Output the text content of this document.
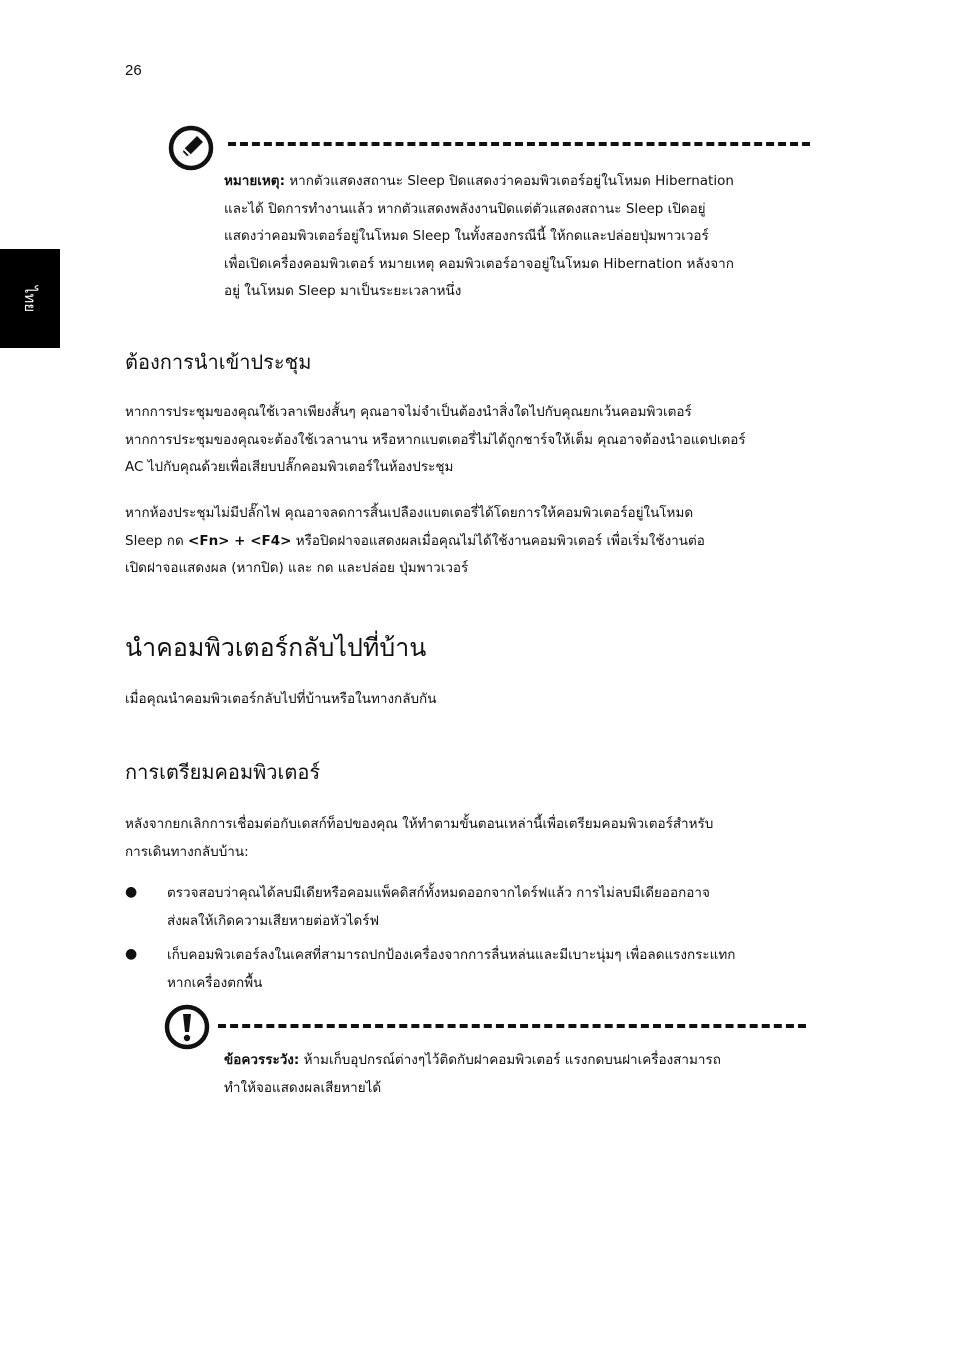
26
ไทย

หมายเหตุ: หากตัวแสดงสถานะ Sleep ปิดแสดงว่าคอมพิวเตอร์อยู่ในโหมด Hibernation
และได้ ปิดการทำงานแล้ว หากตัวแสดงพลังงานปิดแต่ตัวแสดงสถานะ Sleep เปิดอยู่
แสดงว่าคอมพิวเตอร์อยู่ในโหมด Sleep ในทั้งสองกรณีนี้ ให้กดและปล่อยปุ่มพาวเวอร์
เพื่อเปิดเครื่องคอมพิวเตอร์ หมายเหตุ คอมพิวเตอร์อาจอยู่ในโหมด Hibernation หลังจาก
อยู่ ในโหมด Sleep มาเป็นระยะเวลาหนึ่ง

ต้องการนำเข้าประชุม

หากการประชุมของคุณใช้เวลาเพียงสั้นๆ คุณอาจไม่จำเป็นต้องนำสิ่งใดไปกับคุณยกเว้นคอมพิวเตอร์
หากการประชุมของคุณจะต้องใช้เวลานาน หรือหากแบตเตอรี่ไม่ได้ถูกชาร์จให้เต็ม คุณอาจต้องนำอแดปเตอร์
AC ไปกับคุณด้วยเพื่อเสียบปลั๊กคอมพิวเตอร์ในห้องประชุม

หากห้องประชุมไม่มีปลั๊กไฟ คุณอาจลดการสิ้นเปลืองแบตเตอรี่ได้โดยการให้คอมพิวเตอร์อยู่ในโหมด
Sleep กด <Fn> + <F4> หรือปิดฝาจอแสดงผลเมื่อคุณไม่ได้ใช้งานคอมพิวเตอร์ เพื่อเริ่มใช้งานต่อ
เปิดฝาจอแสดงผล (หากปิด) และ กด และปล่อย ปุ่มพาวเวอร์

นำคอมพิวเตอร์กลับไปที่บ้าน

เมื่อคุณนำคอมพิวเตอร์กลับไปที่บ้านหรือในทางกลับกัน

การเตรียมคอมพิวเตอร์

หลังจากยกเลิกการเชื่อมต่อกับเดสก์ท็อปของคุณ ให้ทำตามขั้นตอนเหล่านี้เพื่อเตรียมคอมพิวเตอร์สำหรับ
การเดินทางกลับบ้าน:

● ตรวจสอบว่าคุณได้ลบมีเดียหรือคอมแพ็คดิสก์ทั้งหมดออกจากไดร์ฟแล้ว การไม่ลบมีเดียออกอาจ
ส่งผลให้เกิดความเสียหายต่อหัวไดร์ฟ

● เก็บคอมพิวเตอร์ลงในเคสที่สามารถปกป้องเครื่องจากการลื่นหล่นและมีเบาะนุ่มๆ เพื่อลดแรงกระแทก
หากเครื่องตกพื้น

ข้อควรระวัง: ห้ามเก็บอุปกรณ์ต่างๆไว้ติดกับฝาคอมพิวเตอร์ แรงกดบนฝาเครื่องสามารถ
ทำให้จอแสดงผลเสียหายได้
